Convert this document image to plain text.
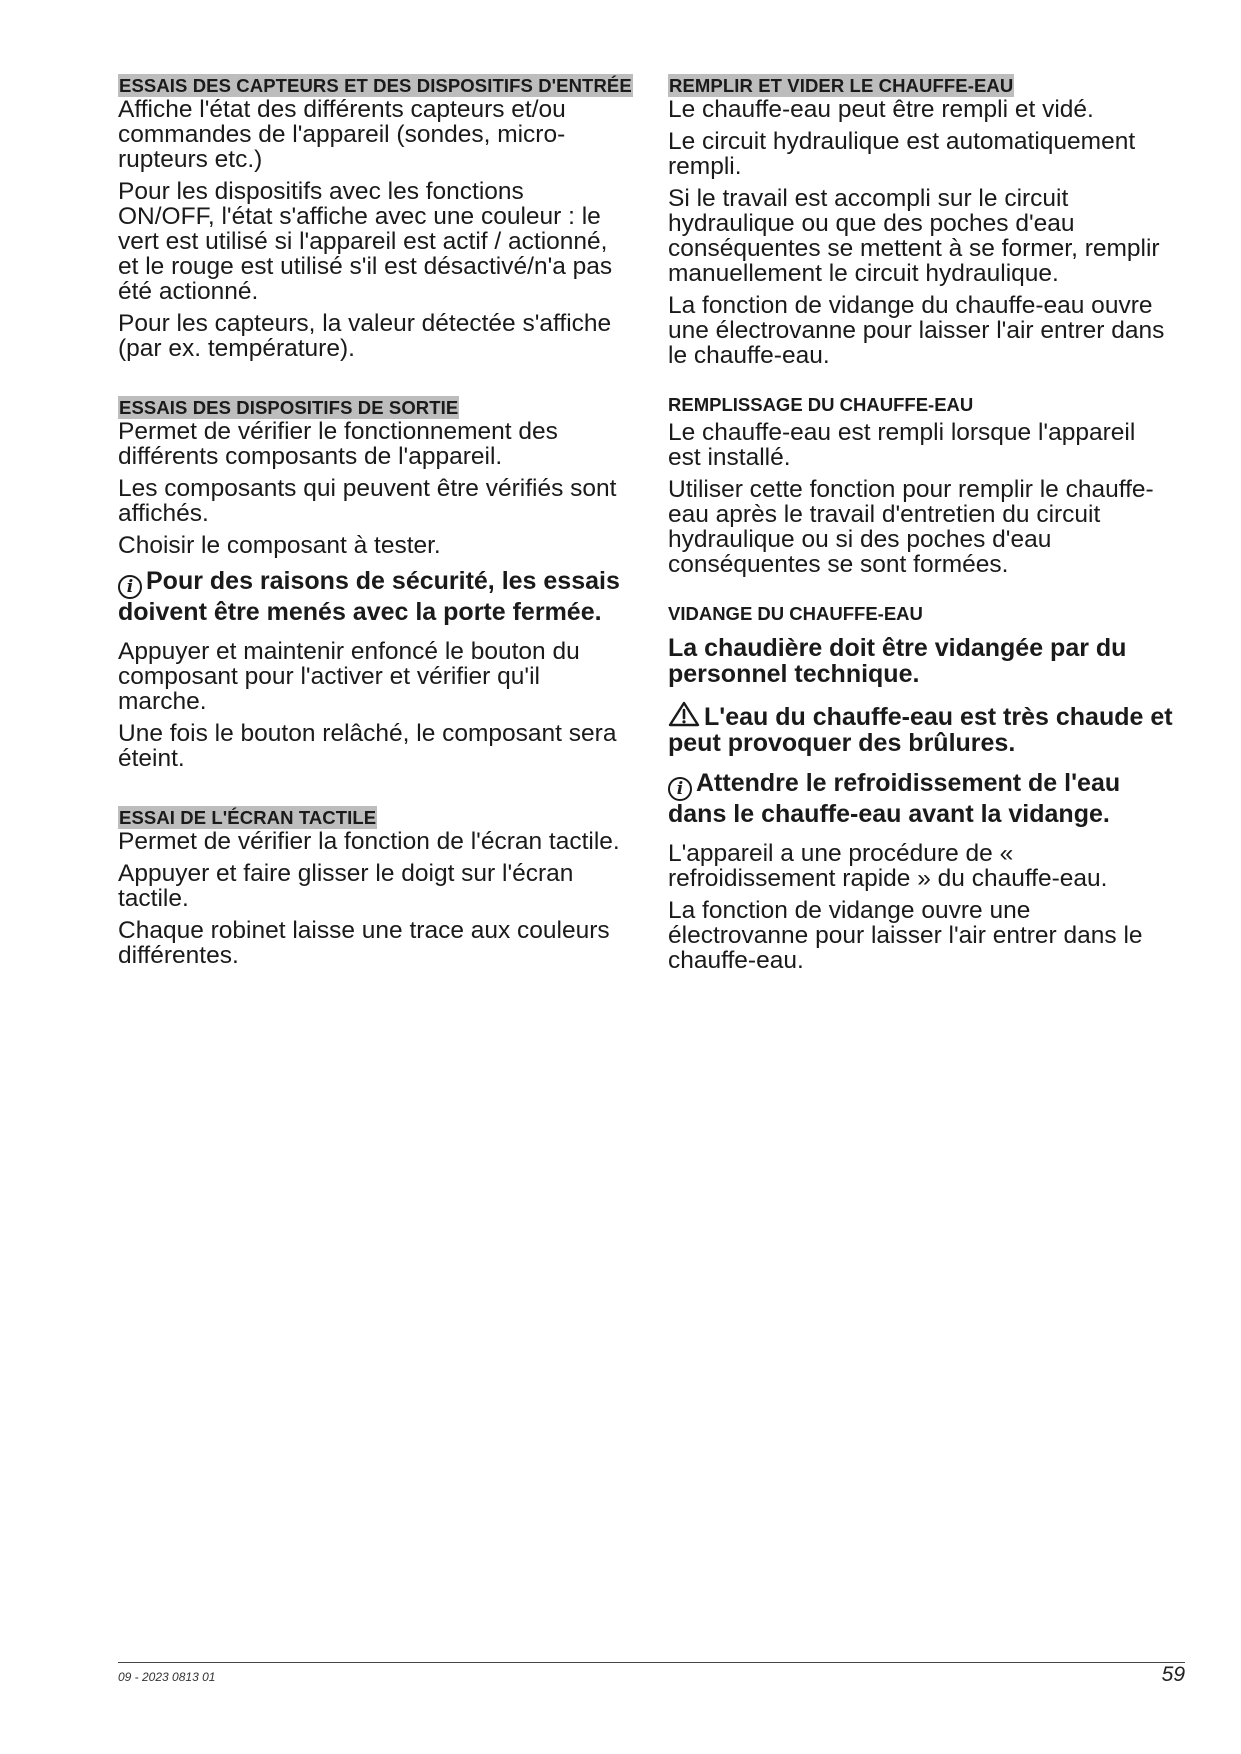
ESSAIS DES CAPTEURS ET DES DISPOSITIFS D'ENTRÉE

Affiche l'état des différents capteurs et/ou commandes de l'appareil (sondes, micro-rupteurs etc.)

Pour les dispositifs avec les fonctions ON/OFF, l'état s'affiche avec une couleur : le vert est utilisé si l'appareil est actif / actionné, et le rouge est utilisé s'il est désactivé/n'a pas été actionné.

Pour les capteurs, la valeur détectée s'affiche (par ex. température).

ESSAIS DES DISPOSITIFS DE SORTIE

Permet de vérifier le fonctionnement des différents composants de l'appareil.

Les composants qui peuvent être vérifiés sont affichés.

Choisir le composant à tester.

i Pour des raisons de sécurité, les essais doivent être menés avec la porte fermée.

Appuyer et maintenir enfoncé le bouton du composant pour l'activer et vérifier qu'il marche.

Une fois le bouton relâché, le composant sera éteint.

ESSAI DE L'ÉCRAN TACTILE

Permet de vérifier la fonction de l'écran tactile.

Appuyer et faire glisser le doigt sur l'écran tactile.

Chaque robinet laisse une trace aux couleurs différentes.

REMPLIR ET VIDER LE CHAUFFE-EAU

Le chauffe-eau peut être rempli et vidé.

Le circuit hydraulique est automatiquement rempli.

Si le travail est accompli sur le circuit hydraulique ou que des poches d'eau conséquentes se mettent à se former, remplir manuellement le circuit hydraulique.

La fonction de vidange du chauffe-eau ouvre une électrovanne pour laisser l'air entrer dans le chauffe-eau.

REMPLISSAGE DU CHAUFFE-EAU

Le chauffe-eau est rempli lorsque l'appareil est installé.

Utiliser cette fonction pour remplir le chauffe-eau après le travail d'entretien du circuit hydraulique ou si des poches d'eau conséquentes se sont formées.

VIDANGE DU CHAUFFE-EAU

La chaudière doit être vidangée par du personnel technique.

L'eau du chauffe-eau est très chaude et peut provoquer des brûlures.

i Attendre le refroidissement de l'eau dans le chauffe-eau avant la vidange.

L'appareil a une procédure de « refroidissement rapide » du chauffe-eau.

La fonction de vidange ouvre une électrovanne pour laisser l'air entrer dans le chauffe-eau.

09 - 2023 0813 01	59
